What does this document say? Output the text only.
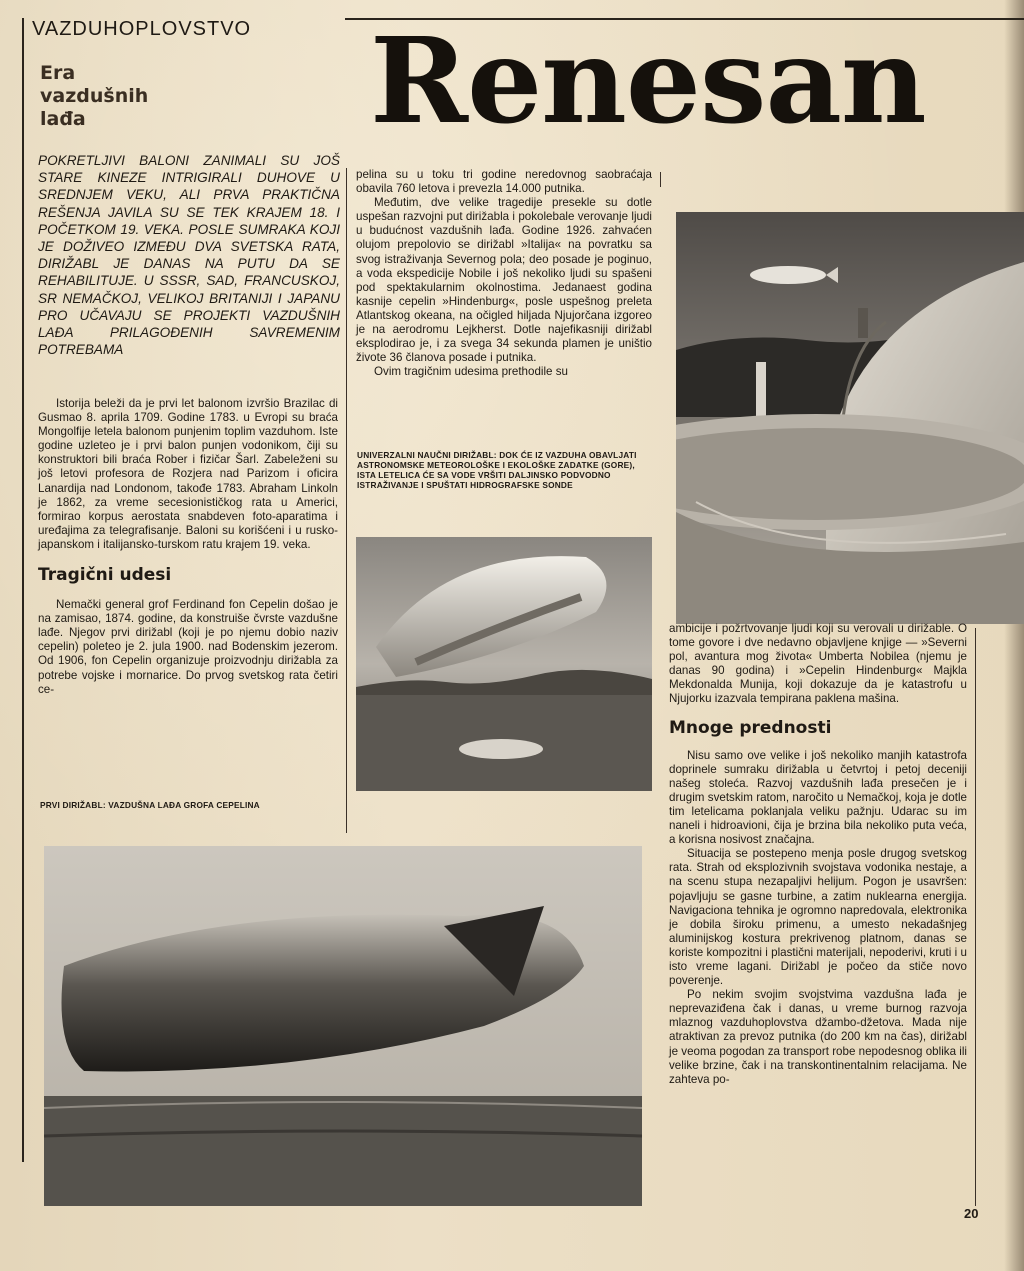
VAZDUHOPLOVSTVO
Era
vazdušnih
lađa	Renesan
POKRETLJIVI BALONI ZANIMALI SU JOŠ STARE KINEZE INTRIGIRALI DUHOVE U SREDNJEM VEKU, ALI PRVA PRAKTIČNA REŠENJA JAVILA SU SE TEK KRAJEM 18. I POČETKOM 19. VEKA. POSLE SUMRAKA KOJI JE DOŽIVEO IZMEĐU DVA SVETSKA RATA, DIRIŽABL JE DANAS NA PUTU DA SE REHABILITUJE. U SSSR, SAD, FRANCUSKOJ, SR NEMAČKOJ, VELIKOJ BRITANIJI I JAPANU PRO UČAVAJU SE PROJEKTI VAZDUŠNIH LAĐA PRILAGOĐENIH SAVREMENIM POTREBAMA

Istorija beleži da je prvi let balonom izvršio Brazilac di Gusmao 8. aprila 1709. Godine 1783. u Evropi su braća Mongolfije letela balonom punjenim toplim vazduhom. Iste godine uzleteo je i prvi balon punjen vodonikom, čiji su konstruktori bili braća Rober i fizičar Šarl. Zabeleženi su još letovi profesora de Rozjera nad Parizom i oficira Lanardija nad Londonom, takođe 1783. Abraham Linkoln je 1862, za vreme secesionističkog rata u Americi, formirao korpus aerostata snabdeven foto-aparatima i uređajima za telegrafisanje. Baloni su korišćeni i u rusko-japanskom i italijansko-turskom ratu krajem 19. veka.

Tragični udesi

Nemački general grof Ferdinand fon Cepelin došao je na zamisao, 1874. godine, da konstruiše čvrste vazdušne lađe. Njegov prvi dirižabl (koji je po njemu dobio naziv cepelin) poleteo je 2. jula 1900. nad Bodenskim jezerom. Od 1906, fon Cepelin organizuje proizvodnju dirižabla za potrebe vojske i mornarice. Do prvog svetskog rata četiri ce-

PRVI DIRIŽABL: VAZDUŠNA LAĐA GROFA CEPELINA

pelina su u toku tri godine neredovnog saobraćaja obavila 760 letova i prevezla 14.000 putnika.

Međutim, dve velike tragedije presekle su dotle uspešan razvojni put dirižabla i pokolebale verovanje ljudi u budućnost vazdušnih lađa. Godine 1926. zahvaćen olujom prepolovio se dirižabl »Italija« na povratku sa svog istraživanja Severnog pola; deo posade je poginuo, a voda ekspedicije Nobile i još nekoliko ljudi su spašeni pod spektakularnim okolnostima. Jedanaest godina kasnije cepelin »Hindenburg«, posle uspešnog preleta Atlantskog okeana, na očigled hiljada Njujorčana izgoreo je na aerodromu Lejkherst. Dotle najefikasniji dirižabl eksplodirao je, i za svega 34 sekunda plamen je uništio živote 36 članova posade i putnika.

Ovim tragičnim udesima prethodile su

UNIVERZALNI NAUČNI DIRIŽABL: DOK ĆE IZ VAZDUHA OBAVLJATI ASTRONOMSKE METEOROLOŠKE I EKOLOŠKE ZADATKE (GORE), ISTA LETELICA ĆE SA VODE VRŠITI DALJINSKO PODVODNO ISTRAŽIVANJE I SPUŠTATI HIDROGRAFSKE SONDE

ambicije i požrtvovanje ljudi koji su verovali u dirižable. O tome govore i dve nedavno objavljene knjige — »Severni pol, avantura mog života« Umberta Nobilea (njemu je danas 90 godina) i »Cepelin Hindenburg« Majkla Mekdonalda Munija, koji dokazuje da je katastrofu u Njujorku izazvala tempirana paklena mašina.

Mnoge prednosti

Nisu samo ove velike i još nekoliko manjih katastrofa doprinele sumraku dirižabla u četvrtoj i petoj deceniji našeg stoleća. Razvoj vazdušnih lađa presečen je i drugim svetskim ratom, naročito u Nemačkoj, koja je dotle tim letelicama poklanjala veliku pažnju. Udarac su im naneli i hidroavioni, čija je brzina bila nekoliko puta veća, a korisna nosivost značajna.

Situacija se postepeno menja posle drugog svetskog rata. Strah od eksplozivnih svojstava vodonika nestaje, a na scenu stupa nezapaljivi helijum. Pogon je usavršen: pojavljuju se gasne turbine, a zatim nuklearna energija. Navigaciona tehnika je ogromno napredovala, elektronika je dobila široku primenu, a umesto nekadašnjeg aluminijskog kostura prekrivenog platnom, danas se koriste kompozitni i plastični materijali, nepoderivi, kruti i u isto vreme lagani. Dirižabl je počeo da stiče novo poverenje.

Po nekim svojim svojstvima vazdušna lađa je neprevaziđena čak i danas, u vreme burnog razvoja mlaznog vazduhoplovstva džambo-džetova. Mada nije atraktivan za prevoz putnika (do 200 km na čas), dirižabl je veoma pogodan za transport robe nepodesnog oblika ili velike brzine, čak i na transkontinentalnim relacijama. Ne zahteva po-

20
